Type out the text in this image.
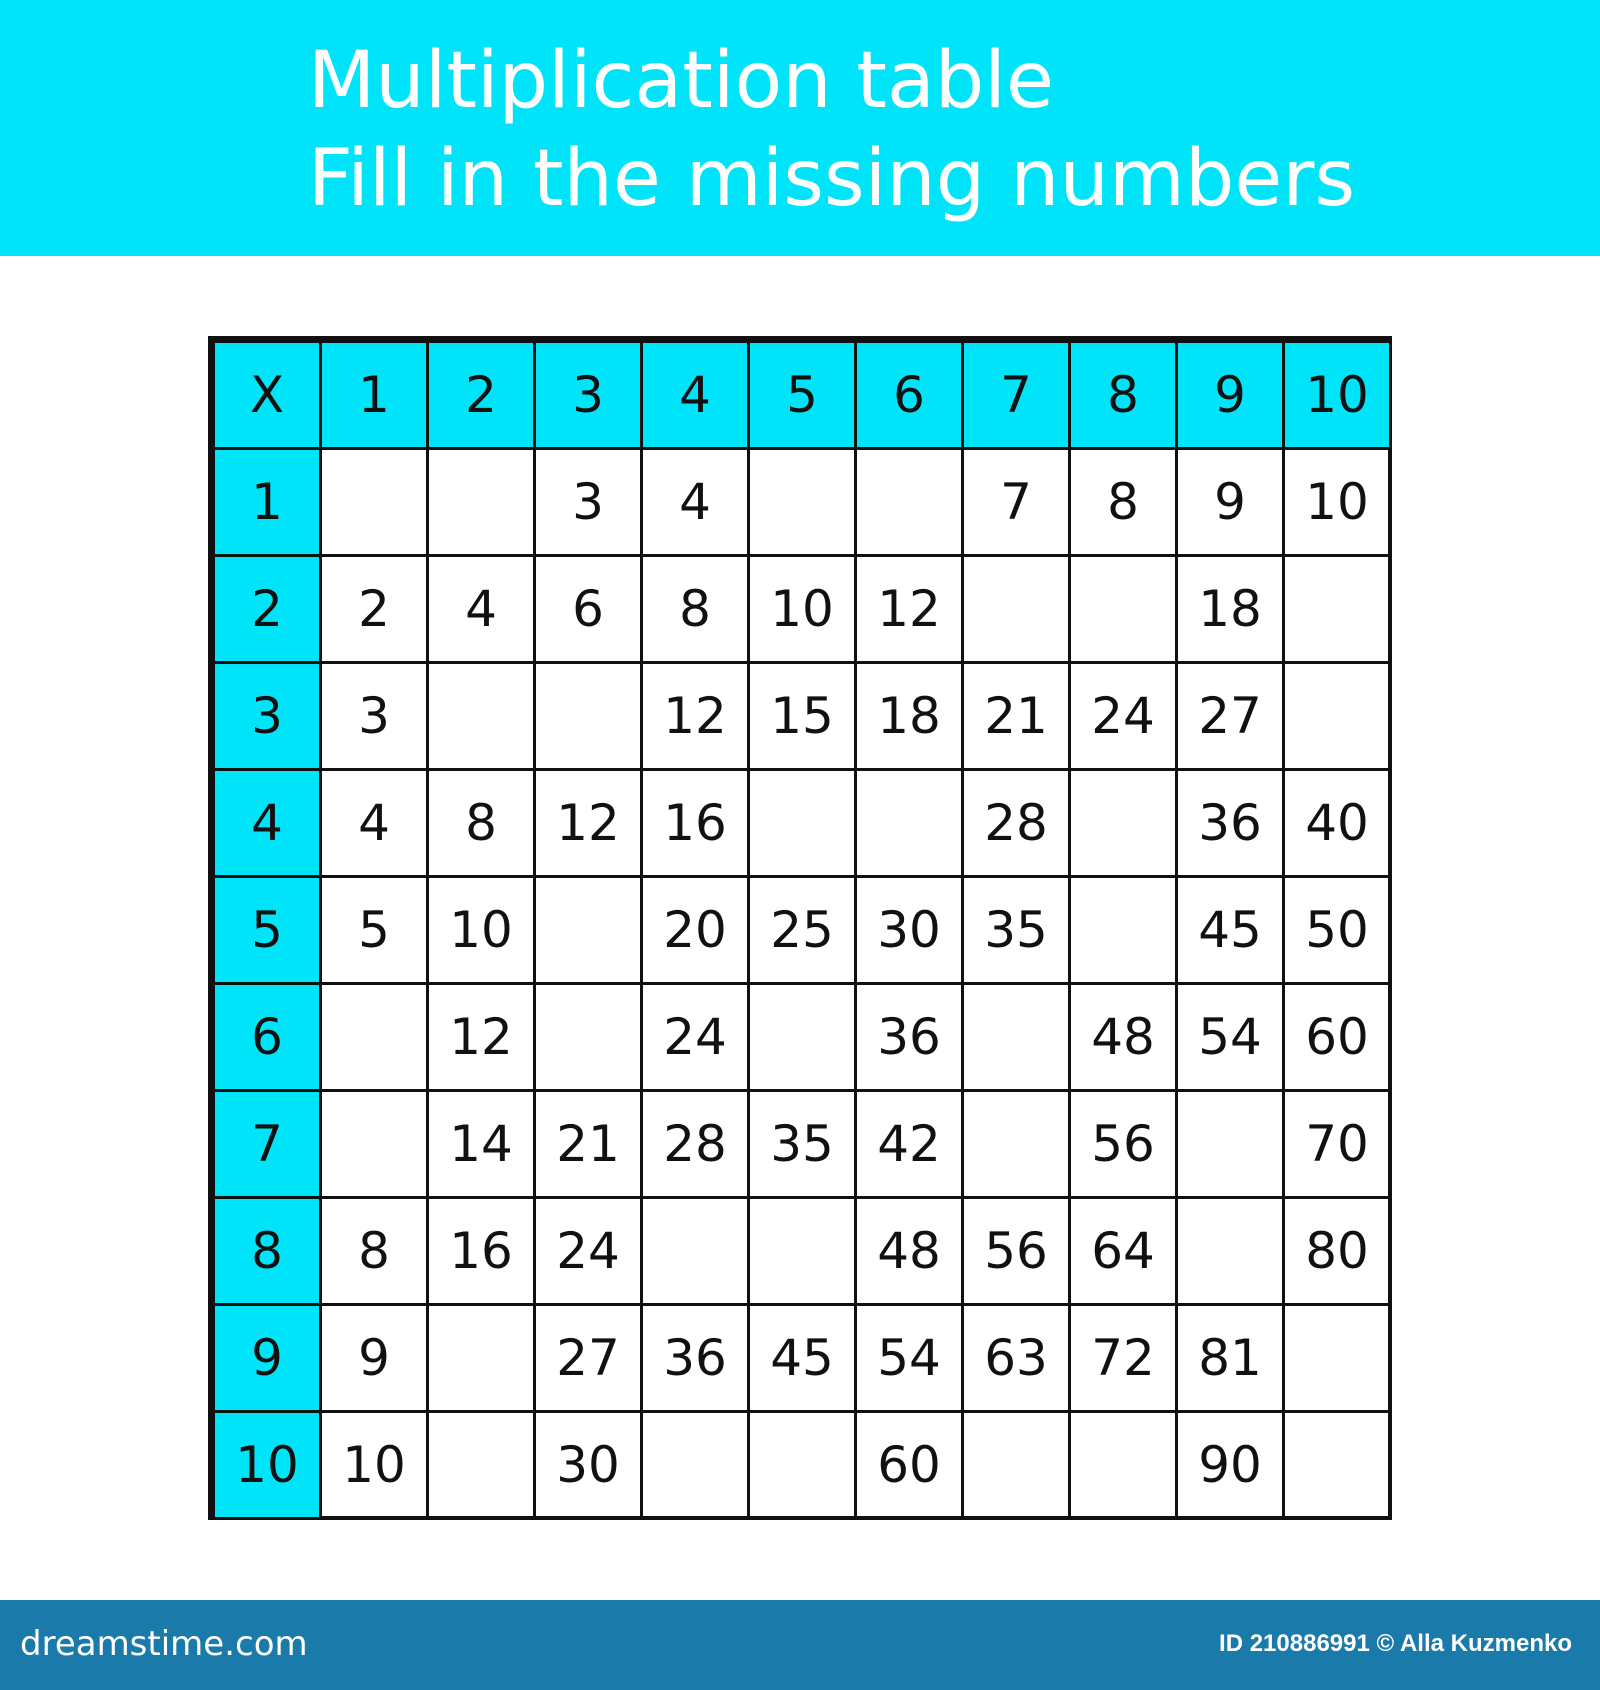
Multiplication table
Fill in the missing numbers
X	1	2	3	4	5	6	7	8	9	10
1			3	4			7	8	9	10
2	2	4	6	8	10	12			18	
3	3			12	15	18	21	24	27	
4	4	8	12	16			28		36	40
5	5	10		20	25	30	35		45	50
6		12		24		36		48	54	60
7		14	21	28	35	42		56		70
8	8	16	24			48	56	64		80
9	9		27	36	45	54	63	72	81	
10	10		30			60			90	
dreamstime.com	ID 210886991 © Alla Kuzmenko
